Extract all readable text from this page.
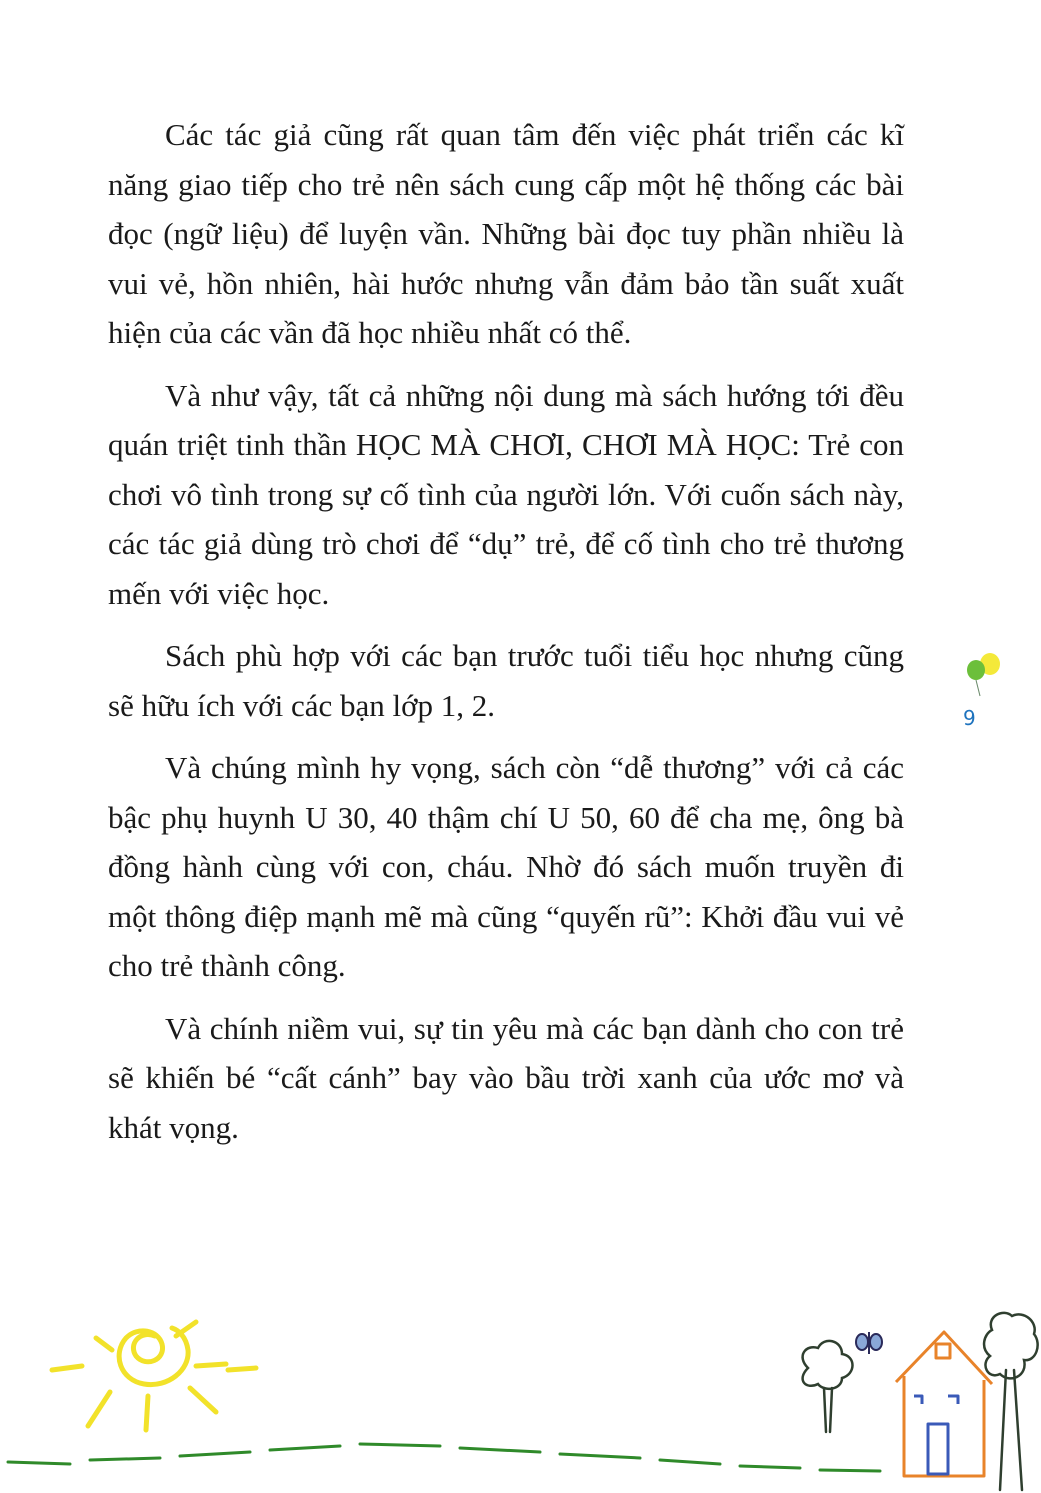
Các tác giả cũng rất quan tâm đến việc phát triển các kĩ năng giao tiếp cho trẻ nên sách cung cấp một hệ thống các bài đọc (ngữ liệu) để luyện vần. Những bài đọc tuy phần nhiều là vui vẻ, hồn nhiên, hài hước nhưng vẫn đảm bảo tần suất xuất hiện của các vần đã học nhiều nhất có thể.

Và như vậy, tất cả những nội dung mà sách hướng tới đều quán triệt tinh thần HỌC MÀ CHƠI, CHƠI MÀ HỌC: Trẻ con chơi vô tình trong sự cố tình của người lớn. Với cuốn sách này, các tác giả dùng trò chơi để “dụ” trẻ, để cố tình cho trẻ thương mến với việc học.

Sách phù hợp với các bạn trước tuổi tiểu học nhưng cũng sẽ hữu ích với các bạn lớp 1, 2.

Và chúng mình hy vọng, sách còn “dễ thương” với cả các bậc phụ huynh U 30, 40 thậm chí U 50, 60 để cha mẹ, ông bà đồng hành cùng với con, cháu. Nhờ đó sách muốn truyền đi một thông điệp mạnh mẽ mà cũng “quyến rũ”: Khởi đầu vui vẻ cho trẻ thành công.

Và chính niềm vui, sự tin yêu mà các bạn dành cho con trẻ sẽ khiến bé “cất cánh” bay vào bầu trời xanh của ước mơ và khát vọng.

9
